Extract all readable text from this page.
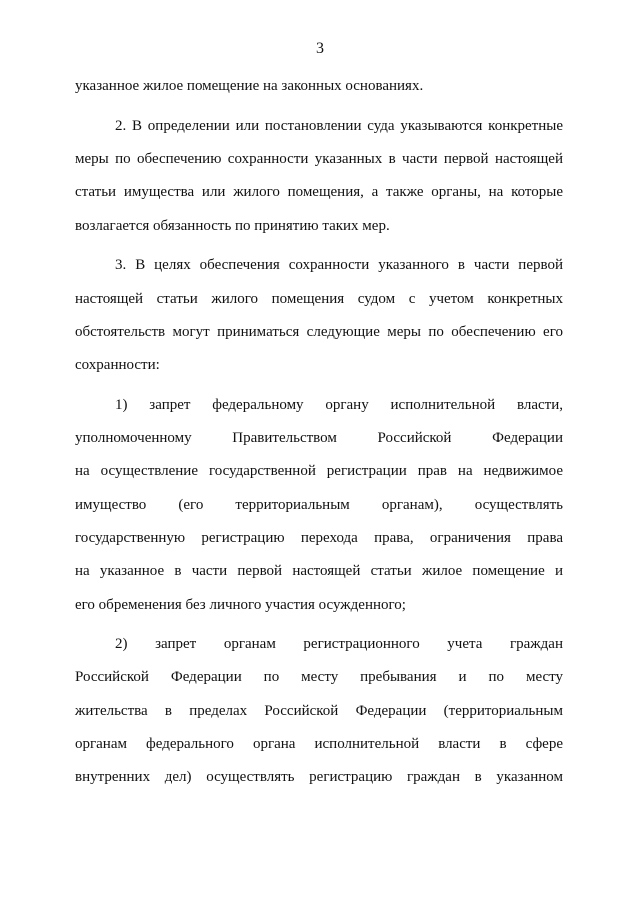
3
указанное жилое помещение на законных основаниях.
2. В определении или постановлении суда указываются конкретные
меры по обеспечению сохранности указанных в части первой настоящей
статьи имущества или жилого помещения, а также органы, на которые
возлагается обязанность по принятию таких мер.
3. В целях обеспечения сохранности указанного в части первой
настоящей статьи жилого помещения судом с учетом конкретных
обстоятельств могут приниматься следующие меры по обеспечению его
сохранности:
1) запрет федеральному органу исполнительной власти,
уполномоченному Правительством Российской Федерации
на осуществление государственной регистрации прав на недвижимое
имущество (его территориальным органам), осуществлять
государственную регистрацию перехода права, ограничения права
на указанное в части первой настоящей статьи жилое помещение и
его обременения без личного участия осужденного;
2) запрет органам регистрационного учета граждан
Российской Федерации по месту пребывания и по месту
жительства в пределах Российской Федерации (территориальным
органам федерального органа исполнительной власти в сфере
внутренних дел) осуществлять регистрацию граждан в указанном
